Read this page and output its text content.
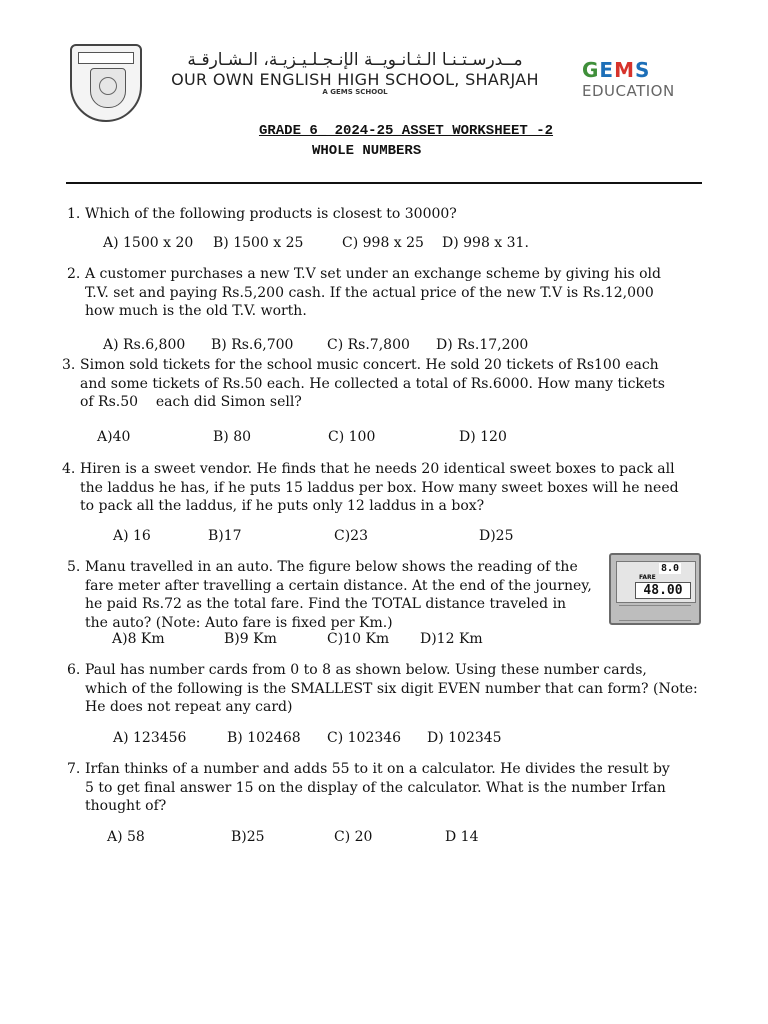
مــدرسـتـنـا الـثـانـويــة الإنـجـلـيـزيـة، الـشـارقـة
OUR OWN ENGLISH HIGH SCHOOL, SHARJAH
A GEMS SCHOOL
GEMS
EDUCATION
GRADE 6_ 2024-25_ASSET WORKSHEET -2
WHOLE NUMBERS
1. Which of the following products is closest to 30000?
A) 1500 x 20 B) 1500 x 25	C) 998 x 25 D) 998 x 31.
2. A customer purchases a new T.V set under an exchange scheme by giving his old
T.V. set and paying Rs.5,200 cash. If the actual price of the new T.V is Rs.12,000
how much is the old T.V. worth.
A) Rs.6,800 B) Rs.6,700 C) Rs.7,800 D) Rs.17,200
3. Simon sold tickets for the school music concert. He sold 20 tickets of Rs100 each
and some tickets of Rs.50 each. He collected a total of Rs.6000. How many tickets
of Rs.50    each did Simon sell?
A)40	B) 80	C) 100	D) 120
4. Hiren is a sweet vendor. He finds that he needs 20 identical sweet boxes to pack all
the laddus he has, if he puts 15 laddus per box. How many sweet boxes will he need
to pack all the laddus, if he puts only 12 laddus in a box?
A) 16	B)17	C)23	D)25
5. Manu travelled in an auto. The figure below shows the reading of the
fare meter after travelling a certain distance. At the end of the journey,
he paid Rs.72 as the total fare. Find the TOTAL distance traveled in
the auto? (Note: Auto fare is fixed per Km.)
A)8 Km	B)9 Km	C)10 Km D)12 Km
8.0
FARE
48.00
6. Paul has number cards from 0 to 8 as shown below. Using these number cards,
which of the following is the SMALLEST six digit EVEN number that can form? (Note:
He does not repeat any card)
A) 123456	B) 102468 C) 102346 D) 102345
7. Irfan thinks of a number and adds 55 to it on a calculator. He divides the result by
5 to get final answer 15 on the display of the calculator. What is the number Irfan
thought of?
A) 58	B)25	C) 20	D 14
